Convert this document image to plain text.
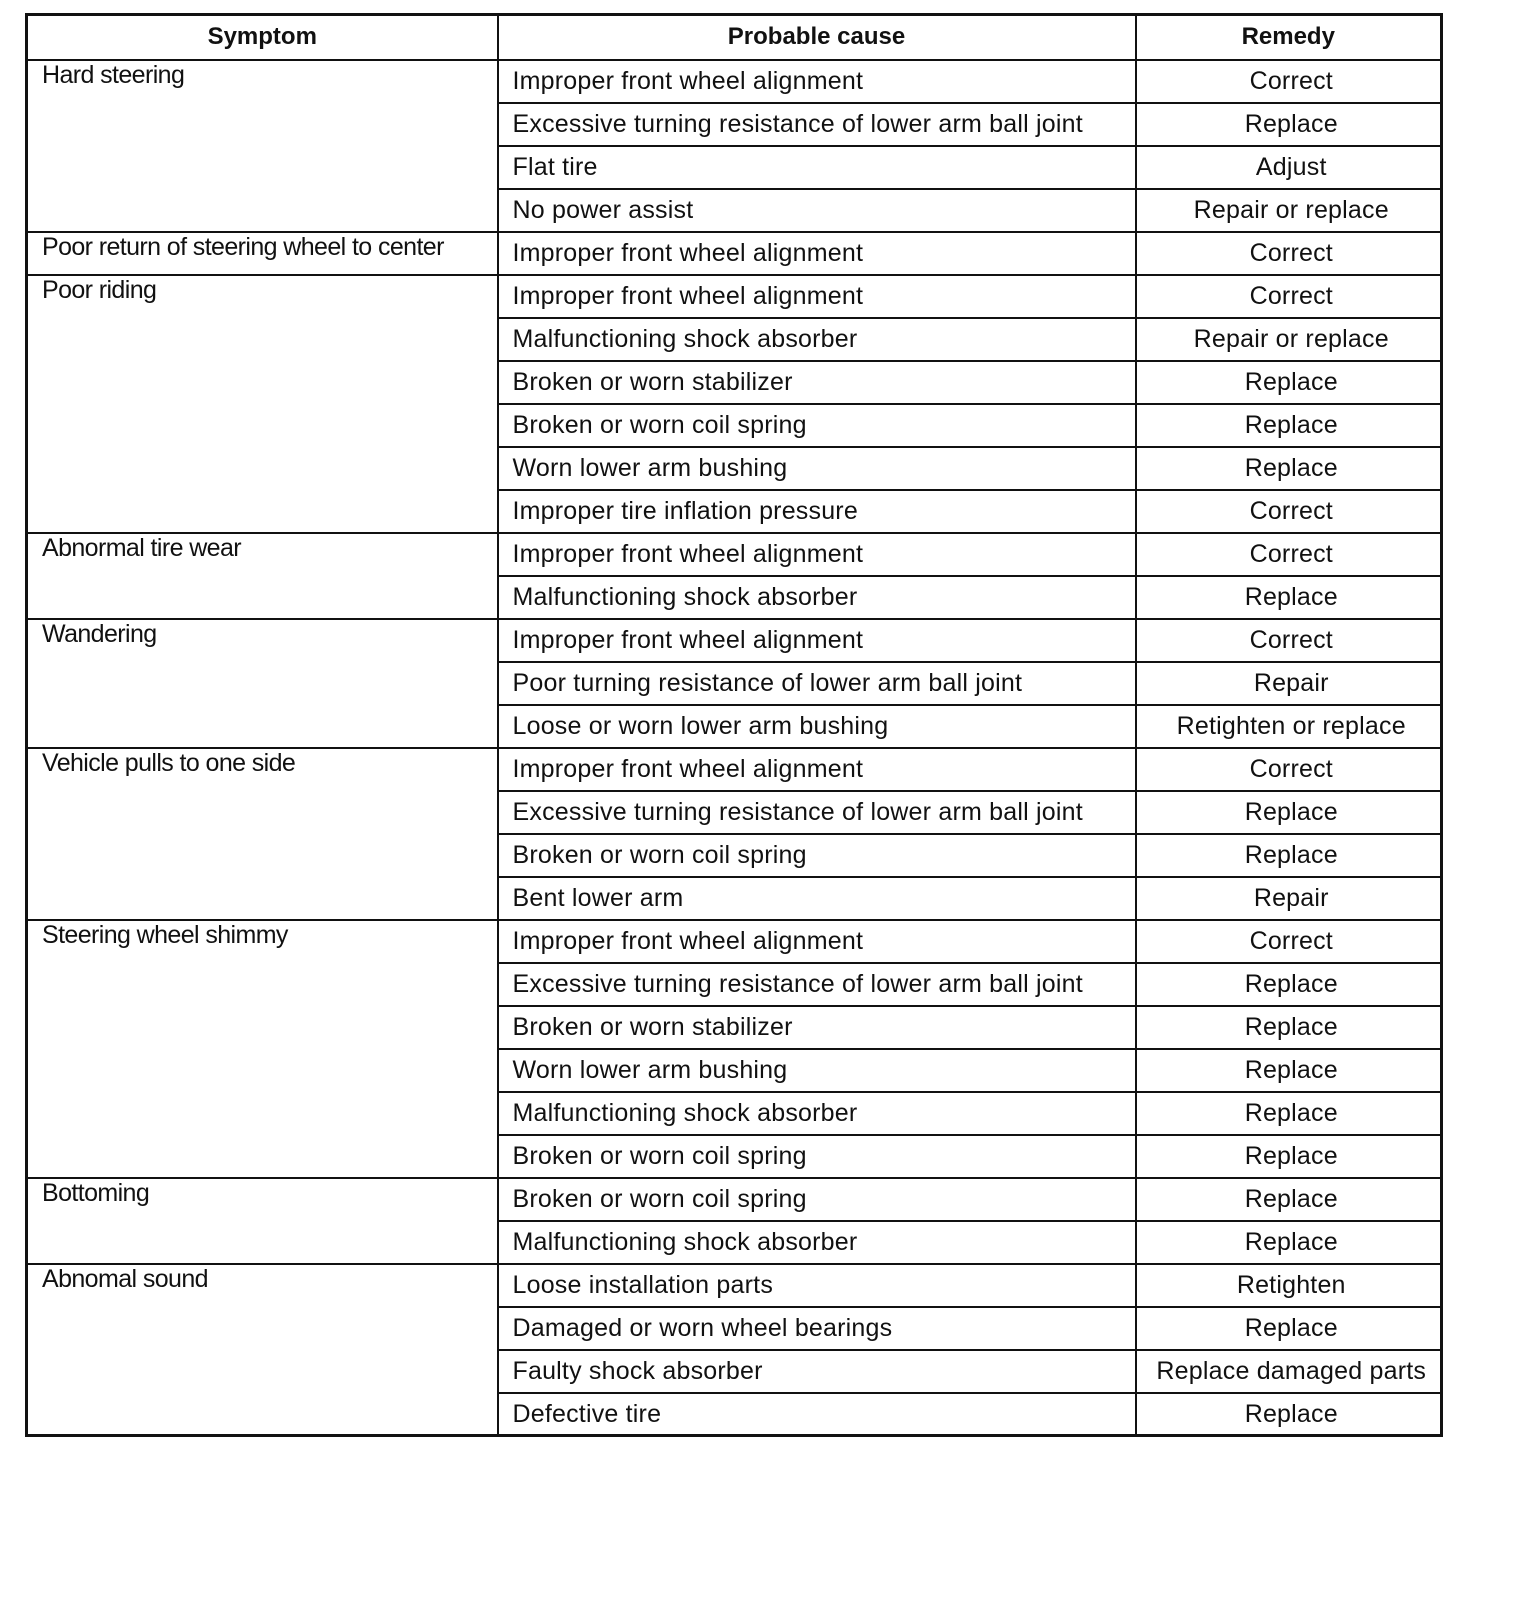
Symptom	Probable cause	Remedy
Hard steering	Improper front wheel alignment	Correct
	Excessive turning resistance of lower arm ball joint	Replace
	Flat tire	Adjust
	No power assist	Repair or replace
Poor return of steering wheel to center	Improper front wheel alignment	Correct
Poor riding	Improper front wheel alignment	Correct
	Malfunctioning shock absorber	Repair or replace
	Broken or worn stabilizer	Replace
	Broken or worn coil spring	Replace
	Worn lower arm bushing	Replace
	Improper tire inflation pressure	Correct
Abnormal tire wear	Improper front wheel alignment	Correct
	Malfunctioning shock absorber	Replace
Wandering	Improper front wheel alignment	Correct
	Poor turning resistance of lower arm ball joint	Repair
	Loose or worn lower arm bushing	Retighten or replace
Vehicle pulls to one side	Improper front wheel alignment	Correct
	Excessive turning resistance of lower arm ball joint	Replace
	Broken or worn coil spring	Replace
	Bent lower arm	Repair
Steering wheel shimmy	Improper front wheel alignment	Correct
	Excessive turning resistance of lower arm ball joint	Replace
	Broken or worn stabilizer	Replace
	Worn lower arm bushing	Replace
	Malfunctioning shock absorber	Replace
	Broken or worn coil spring	Replace
Bottoming	Broken or worn coil spring	Replace
	Malfunctioning shock absorber	Replace
Abnomal sound	Loose installation parts	Retighten
	Damaged or worn wheel bearings	Replace
	Faulty shock absorber	Replace damaged parts
	Defective tire	Replace
